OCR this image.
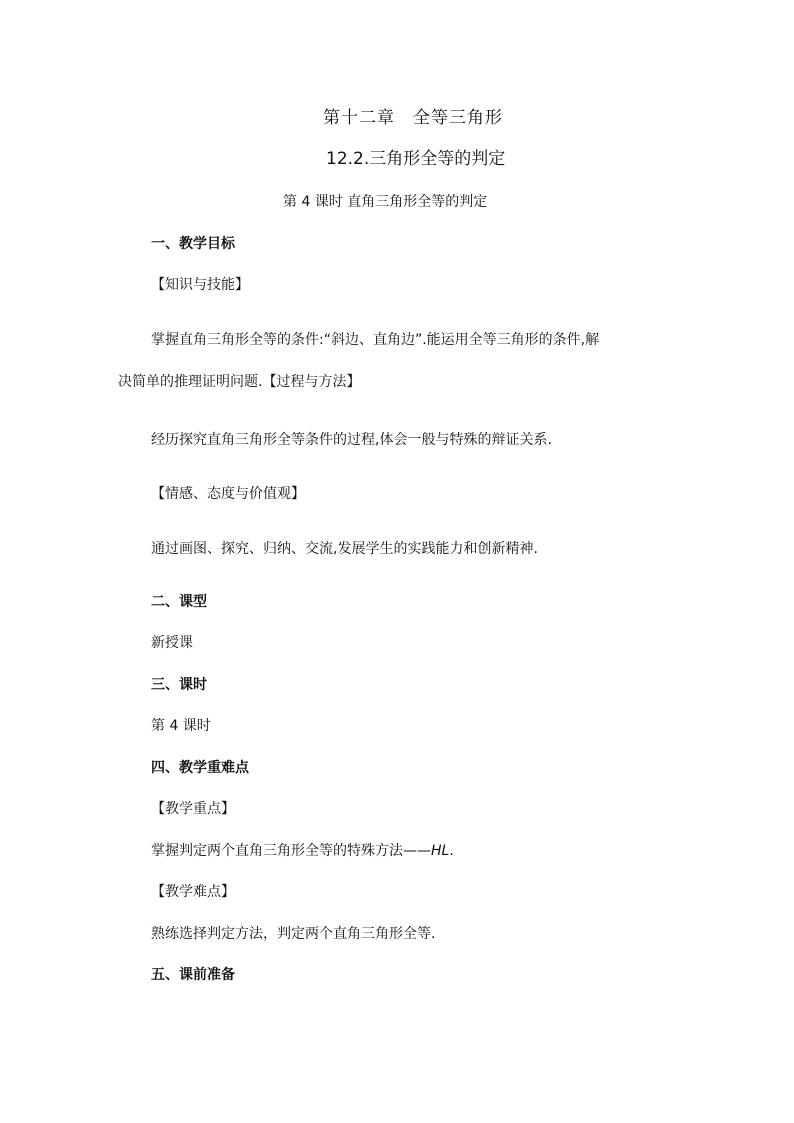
第十二章　全等三角形
12.2.三角形全等的判定
第 4 课时 直角三角形全等的判定
一、教学目标
【知识与技能】
掌握直角三角形全等的条件:“斜边、直角边”.能运用全等三角形的条件,解
决简单的推理证明问题.【过程与方法】
经历探究直角三角形全等条件的过程,体会一般与特殊的辩证关系.
【情感、态度与价值观】
通过画图、探究、归纳、交流,发展学生的实践能力和创新精神.
二、课型
新授课
三、课时
第 4 课时
四、教学重难点
【教学重点】
掌握判定两个直角三角形全等的特殊方法——HL.
【教学难点】
熟练选择判定方法，判定两个直角三角形全等.
五、课前准备
